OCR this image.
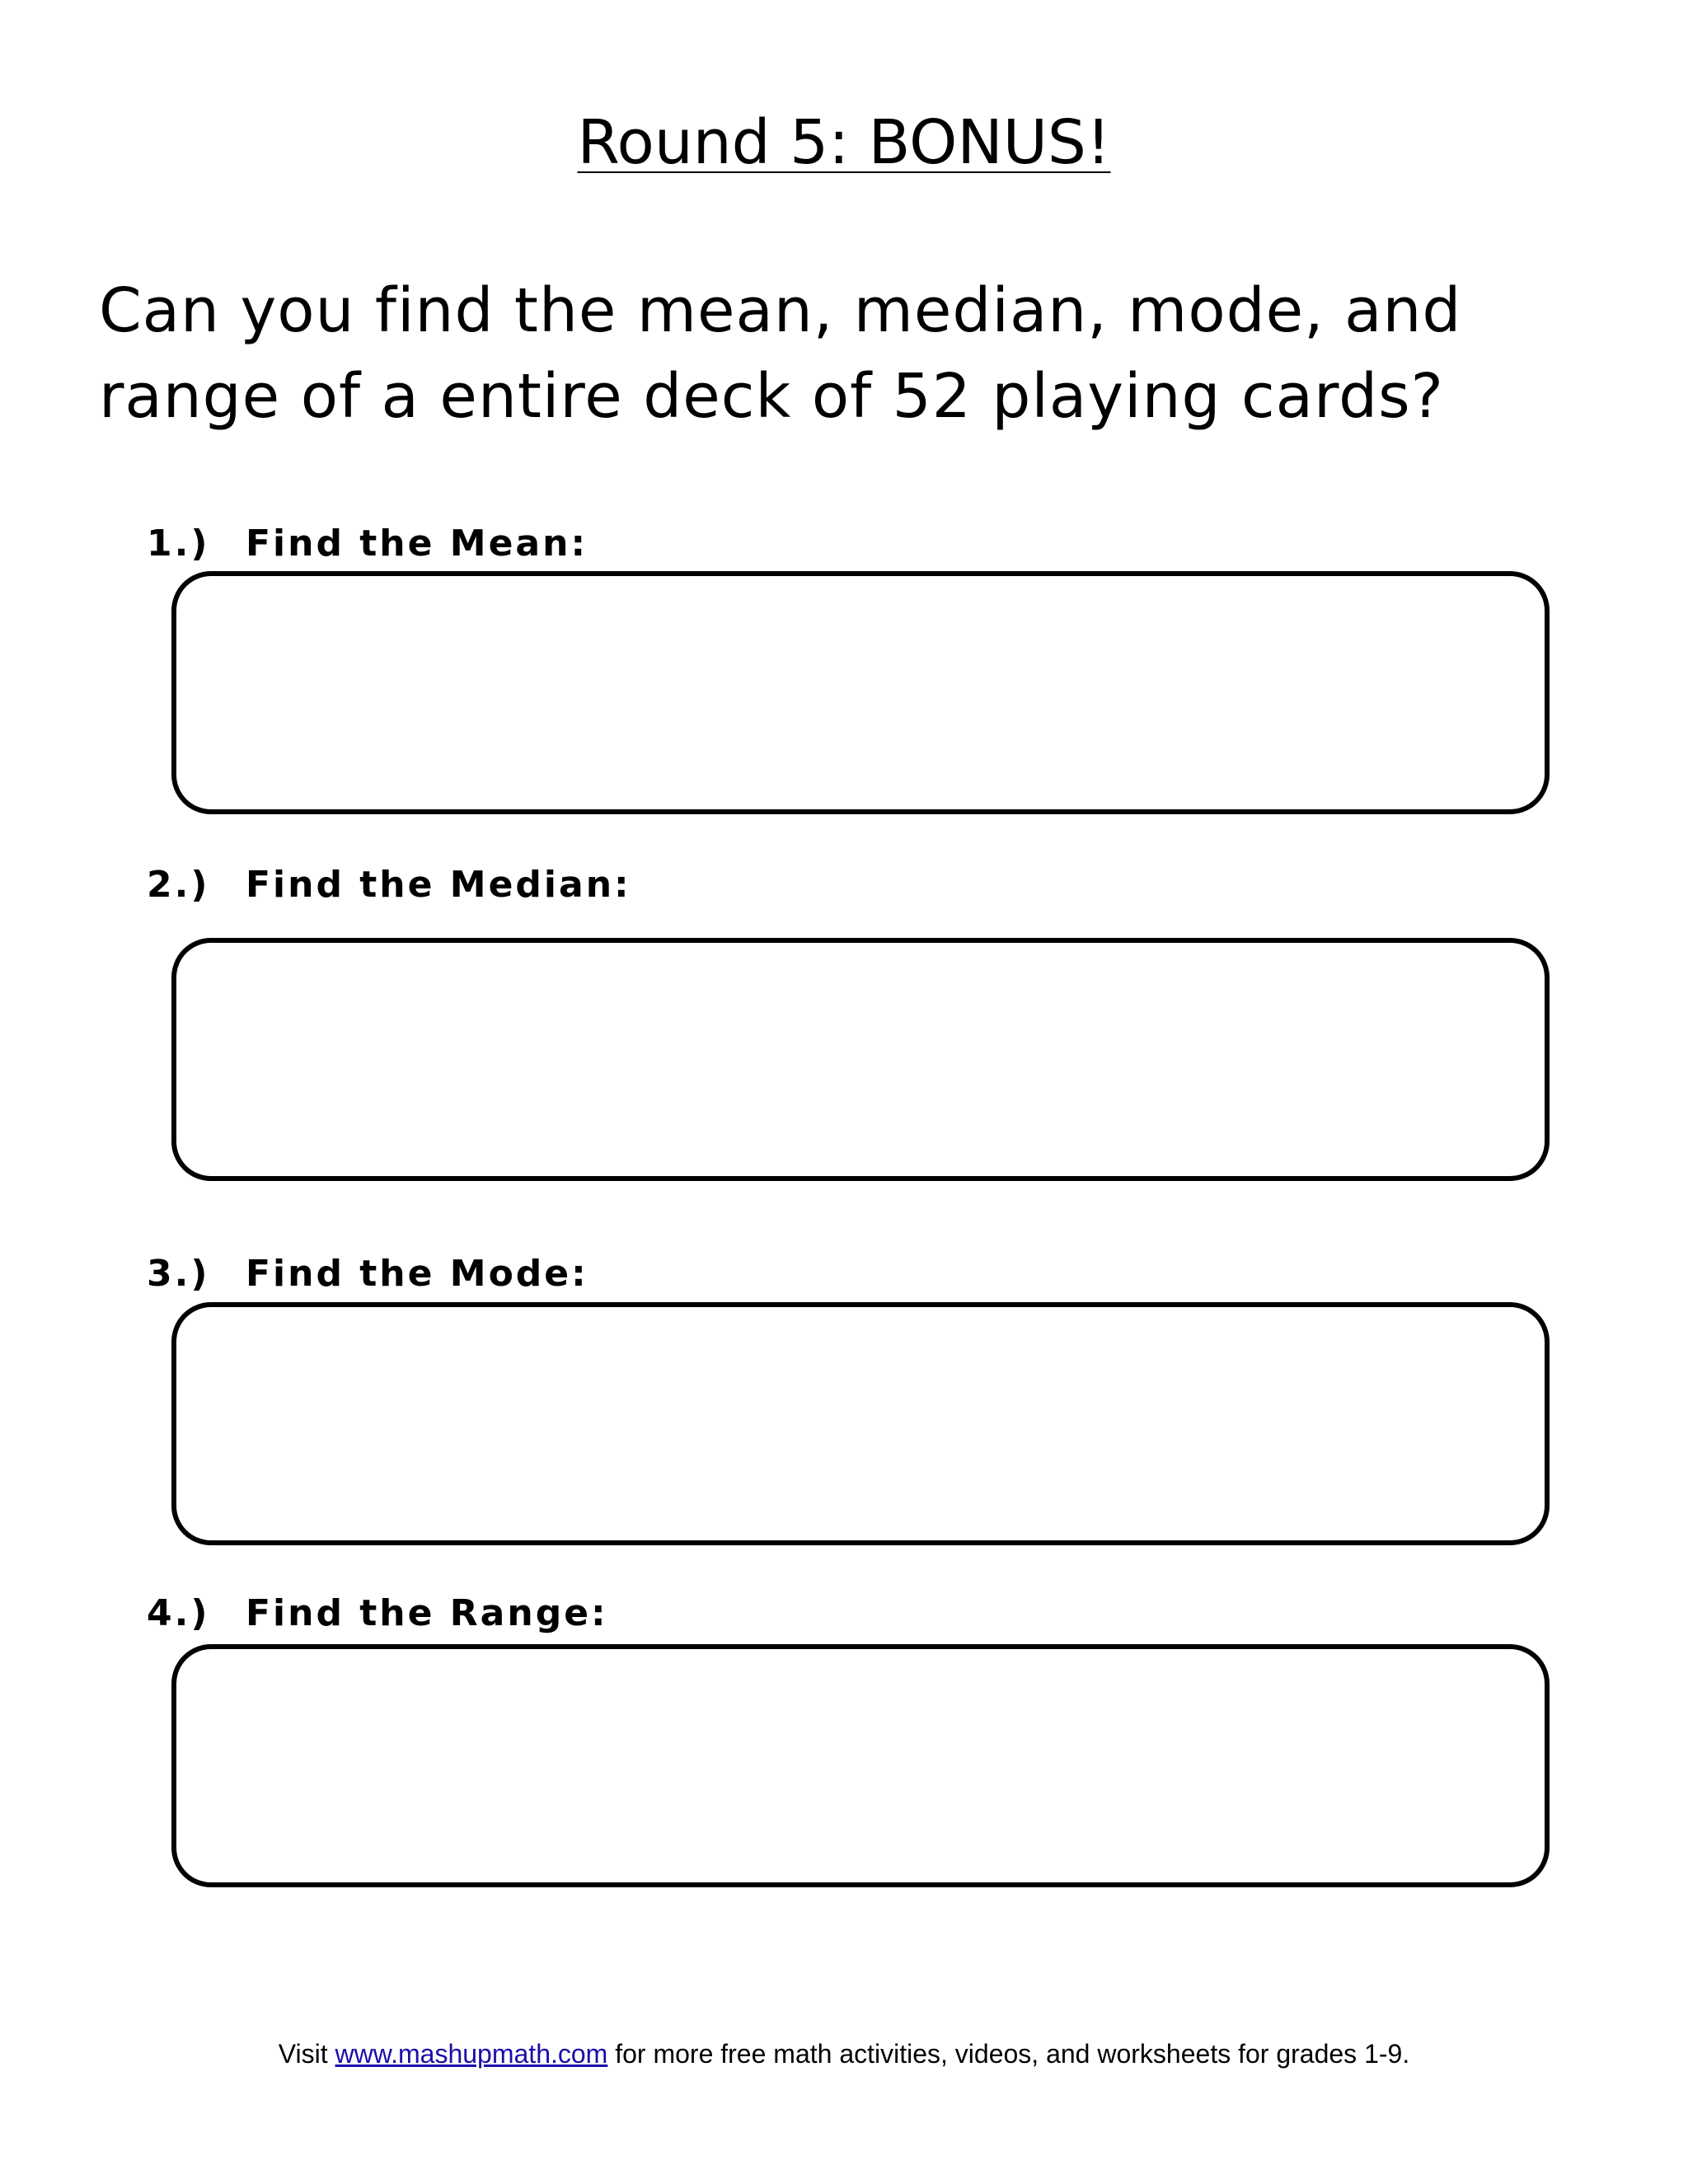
Round 5: BONUS!

Can you find the mean, median, mode, and range of a entire deck of 52 playing cards?

1.) Find the Mean:
2.) Find the Median:
3.) Find the Mode:
4.) Find the Range:
Visit www.mashupmath.com for more free math activities, videos, and worksheets for grades 1-9.
